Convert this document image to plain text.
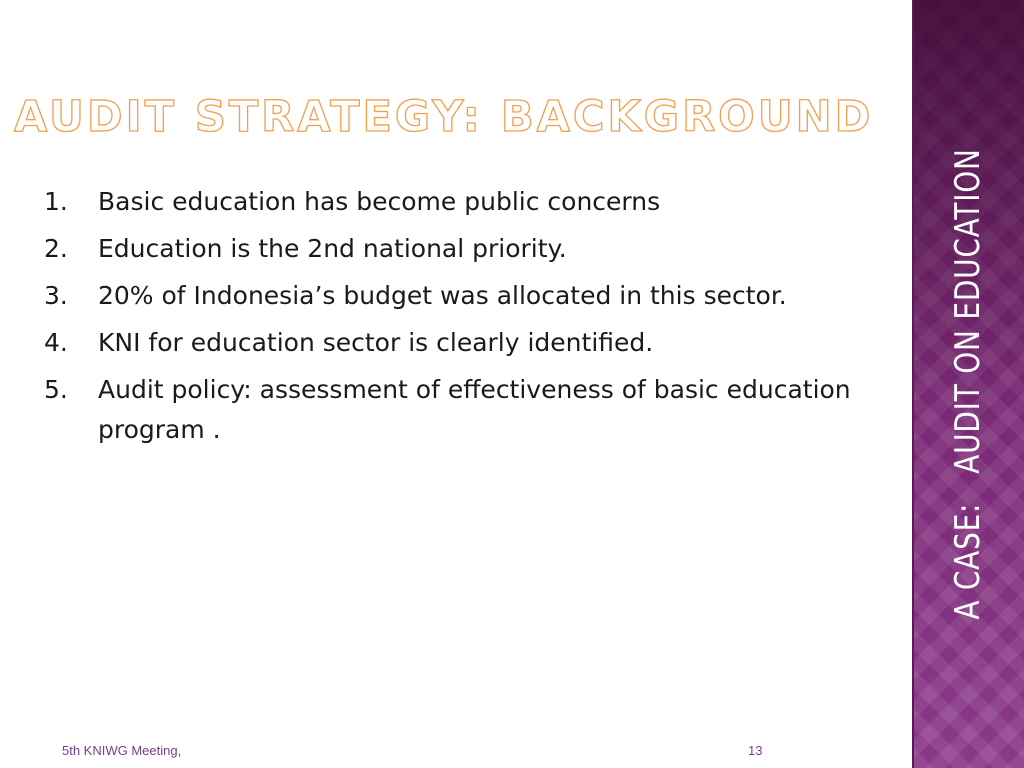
AUDIT STRATEGY: BACKGROUND
1. Basic education has become public concerns
2. Education is the 2nd national priority.
3. 20% of Indonesia’s budget was allocated in this sector.
4. KNI for education sector is clearly identified.
5. Audit policy: assessment of effectiveness of basic education program .
5th KNIWG Meeting,	13
A CASE:   AUDIT ON EDUCATION
